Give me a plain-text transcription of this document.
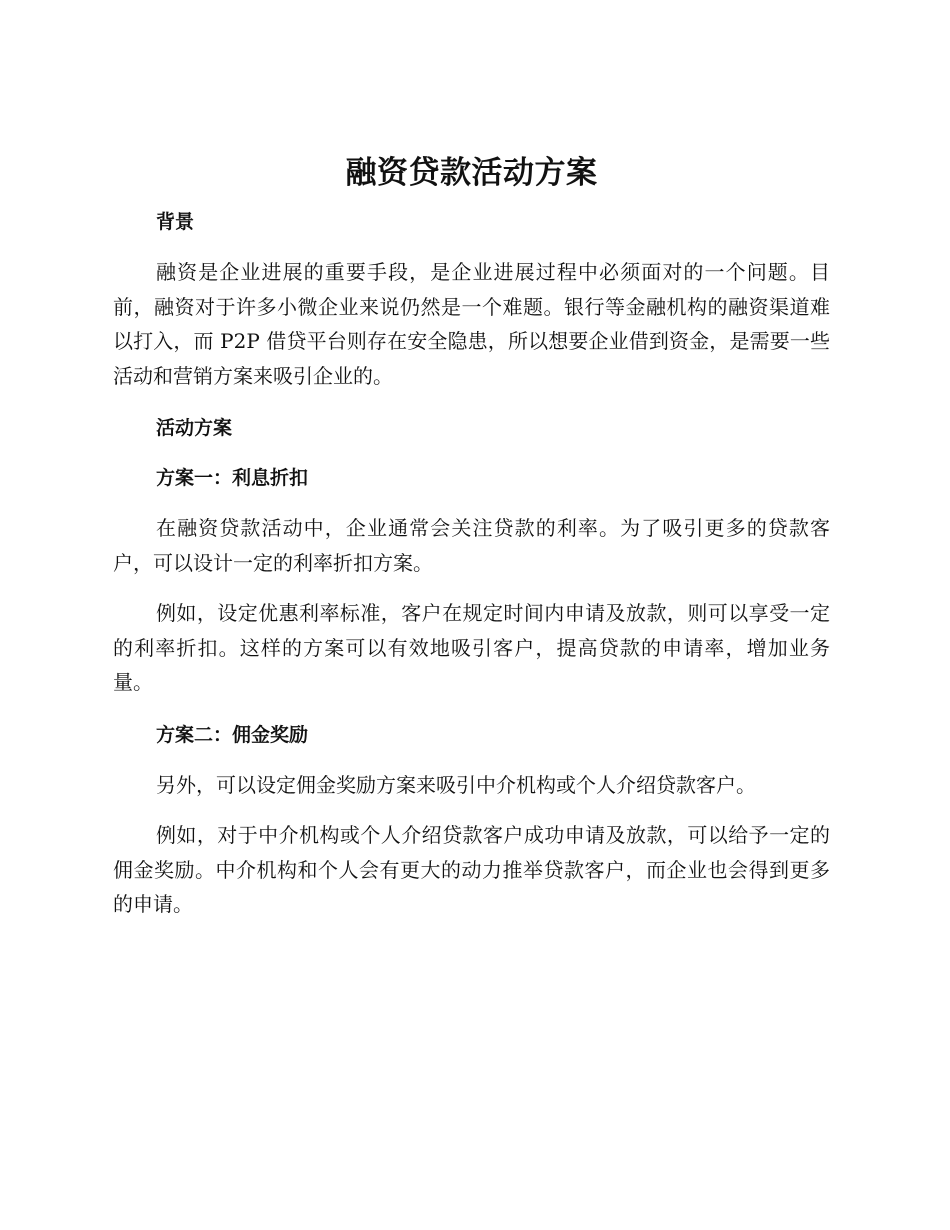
融资贷款活动方案

背景

融资是企业进展的重要手段，是企业进展过程中必须面对的一个问题。目前，融资对于许多小微企业来说仍然是一个难题。银行等金融机构的融资渠道难以打入，而 P2P 借贷平台则存在安全隐患，所以想要企业借到资金，是需要一些活动和营销方案来吸引企业的。

活动方案

方案一：利息折扣

在融资贷款活动中，企业通常会关注贷款的利率。为了吸引更多的贷款客户，可以设计一定的利率折扣方案。

例如，设定优惠利率标准，客户在规定时间内申请及放款，则可以享受一定的利率折扣。这样的方案可以有效地吸引客户，提高贷款的申请率，增加业务量。

方案二：佣金奖励

另外，可以设定佣金奖励方案来吸引中介机构或个人介绍贷款客户。

例如，对于中介机构或个人介绍贷款客户成功申请及放款，可以给予一定的佣金奖励。中介机构和个人会有更大的动力推举贷款客户，而企业也会得到更多的申请。
